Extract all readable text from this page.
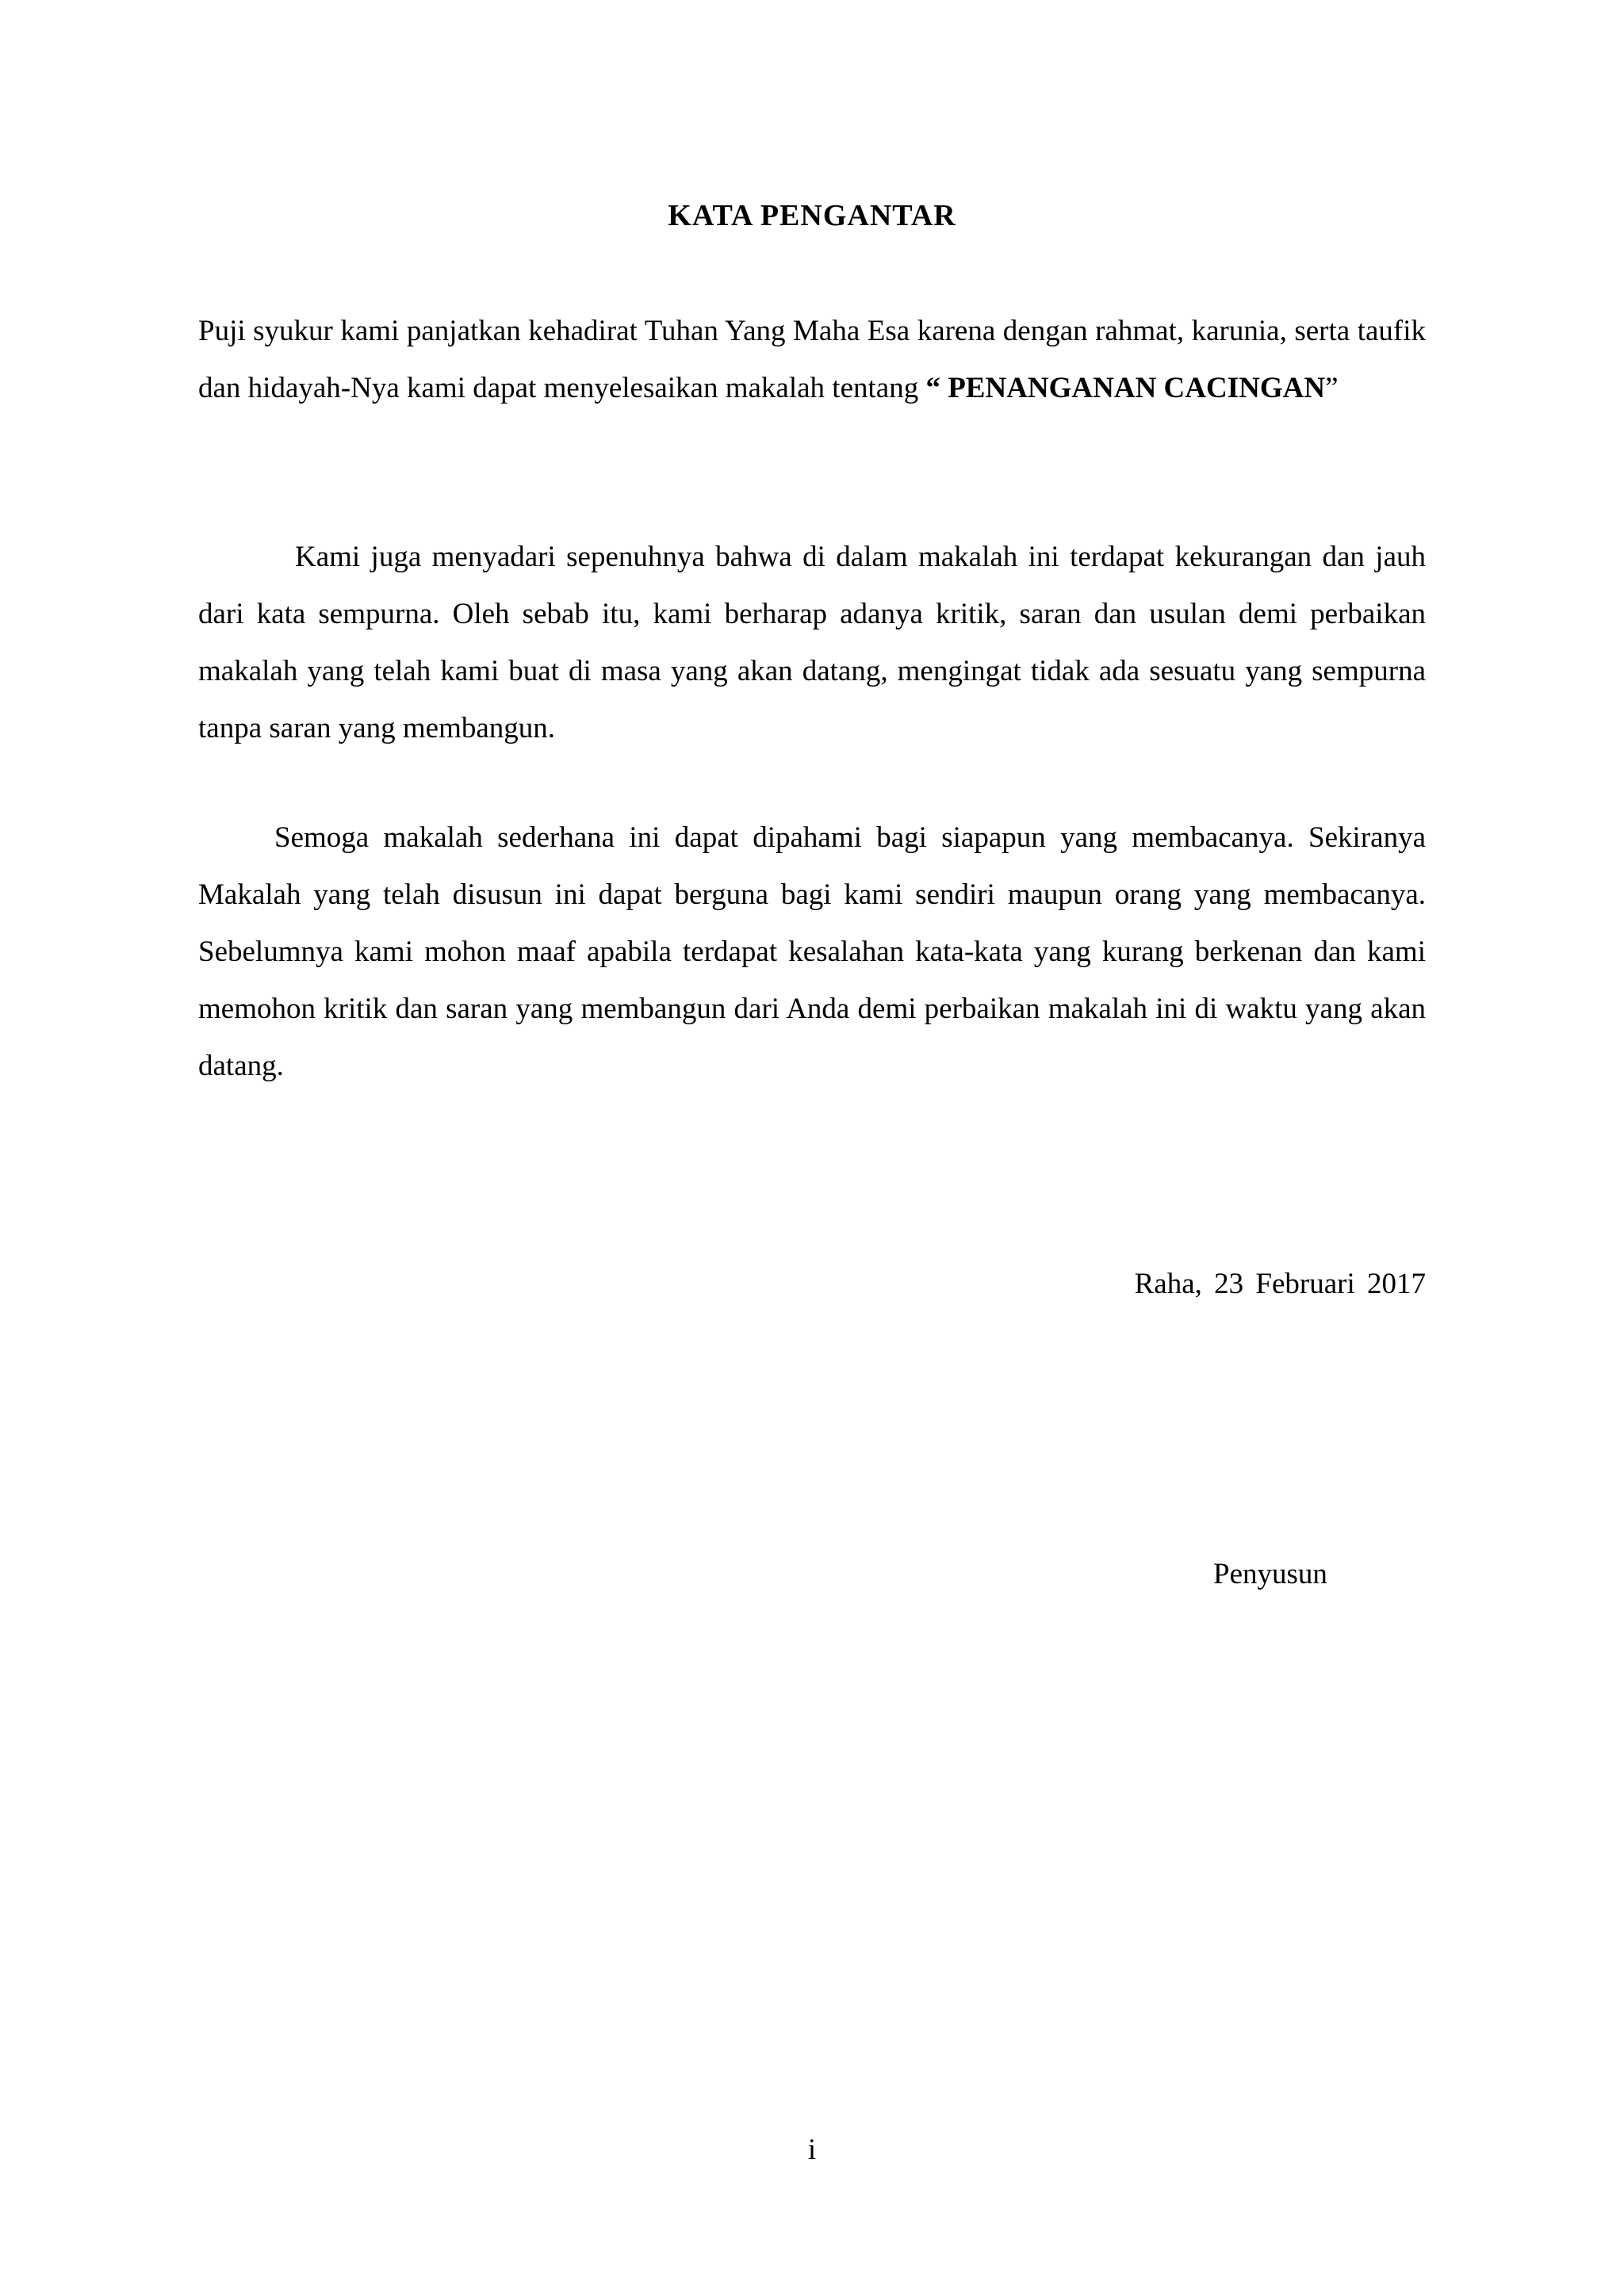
KATA PENGANTAR

Puji syukur kami panjatkan kehadirat Tuhan Yang Maha Esa karena dengan rahmat, karunia, serta taufik dan hidayah-Nya kami dapat menyelesaikan makalah tentang “ PENANGANAN CACINGAN”

Kami juga menyadari sepenuhnya bahwa di dalam makalah ini terdapat kekurangan dan jauh dari kata sempurna. Oleh sebab itu, kami berharap adanya kritik, saran dan usulan demi perbaikan makalah yang telah kami buat di masa yang akan datang, mengingat tidak ada sesuatu yang sempurna tanpa saran yang membangun.

Semoga makalah sederhana ini dapat dipahami bagi siapapun yang membacanya. Sekiranya Makalah yang telah disusun ini dapat berguna bagi kami sendiri maupun orang yang membacanya. Sebelumnya kami mohon maaf apabila terdapat kesalahan kata-kata yang kurang berkenan dan kami memohon kritik dan saran yang membangun dari Anda demi perbaikan makalah ini di waktu yang akan datang.

Raha, 23 Februari 2017

Penyusun

i
